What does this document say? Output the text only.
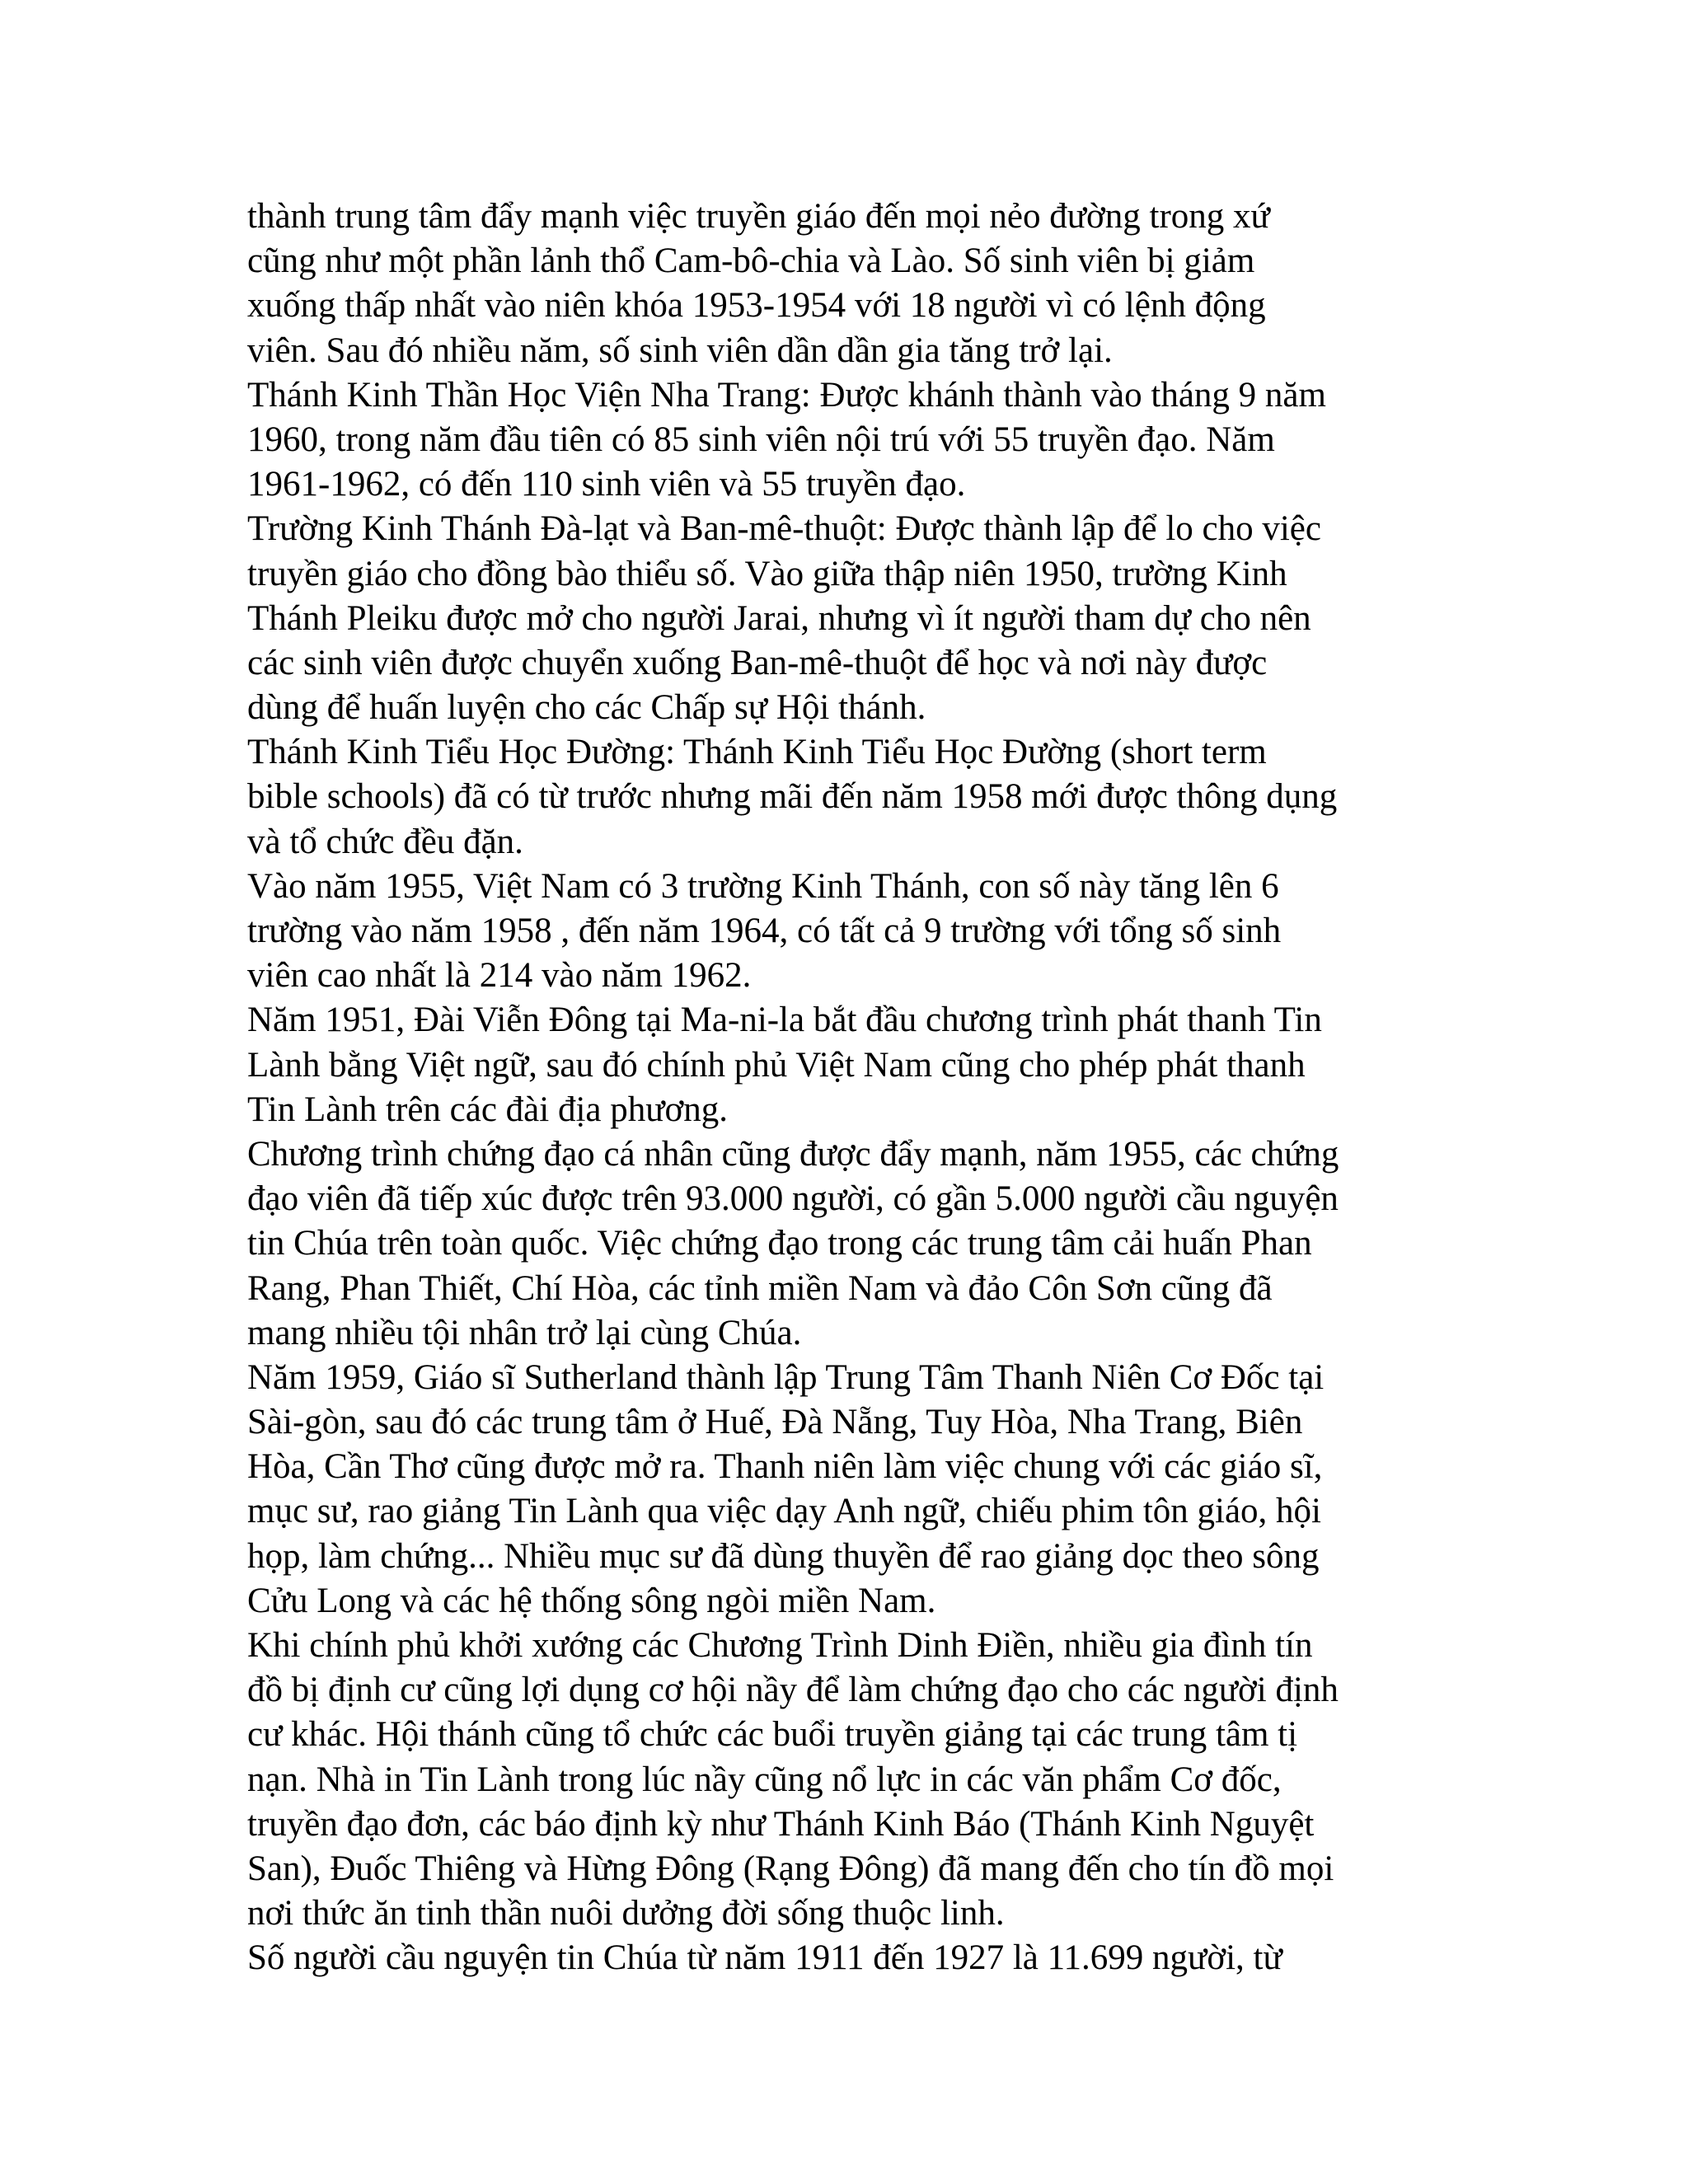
thành trung tâm đẩy mạnh việc truyền giáo đến mọi nẻo đường trong xứ
cũng như một phần lảnh thổ Cam-bô-chia và Lào. Số sinh viên bị giảm
xuống thấp nhất vào niên khóa 1953-1954 với 18 người vì có lệnh động
viên. Sau đó nhiều năm, số sinh viên dần dần gia tăng trở lại.
Thánh Kinh Thần Học Viện Nha Trang: Được khánh thành vào tháng 9 năm
1960, trong năm đầu tiên có 85 sinh viên nội trú với 55 truyền đạo. Năm
1961-1962, có đến 110 sinh viên và 55 truyền đạo.
Trường Kinh Thánh Đà-lạt và Ban-mê-thuột: Được thành lập để lo cho việc
truyền giáo cho đồng bào thiểu số. Vào giữa thập niên 1950, trường Kinh
Thánh Pleiku được mở cho người Jarai, nhưng vì ít người tham dự cho nên
các sinh viên được chuyển xuống Ban-mê-thuột để học và nơi này được
dùng để huấn luyện cho các Chấp sự Hội thánh.
Thánh Kinh Tiểu Học Đường: Thánh Kinh Tiểu Học Đường (short term
bible schools) đã có từ trước nhưng mãi đến năm 1958 mới được thông dụng
và tổ chức đều đặn.
Vào năm 1955, Việt Nam có 3 trường Kinh Thánh, con số này tăng lên 6
trường vào năm 1958 , đến năm 1964, có tất cả 9 trường với tổng số sinh
viên cao nhất là 214 vào năm 1962.
Năm 1951, Đài Viễn Đông tại Ma-ni-la bắt đầu chương trình phát thanh Tin
Lành bằng Việt ngữ, sau đó chính phủ Việt Nam cũng cho phép phát thanh
Tin Lành trên các đài địa phương.
Chương trình chứng đạo cá nhân cũng được đẩy mạnh, năm 1955, các chứng
đạo viên đã tiếp xúc được trên 93.000 người, có gần 5.000 người cầu nguyện
tin Chúa trên toàn quốc. Việc chứng đạo trong các trung tâm cải huấn Phan
Rang, Phan Thiết, Chí Hòa, các tỉnh miền Nam và đảo Côn Sơn cũng đã
mang nhiều tội nhân trở lại cùng Chúa.
Năm 1959, Giáo sĩ Sutherland thành lập Trung Tâm Thanh Niên Cơ Đốc tại
Sài-gòn, sau đó các trung tâm ở Huế, Đà Nẵng, Tuy Hòa, Nha Trang, Biên
Hòa, Cần Thơ cũng được mở ra. Thanh niên làm việc chung với các giáo sĩ,
mục sư, rao giảng Tin Lành qua việc dạy Anh ngữ, chiếu phim tôn giáo, hội
họp, làm chứng... Nhiều mục sư đã dùng thuyền để rao giảng dọc theo sông
Cửu Long và các hệ thống sông ngòi miền Nam.
Khi chính phủ khởi xướng các Chương Trình Dinh Điền, nhiều gia đình tín
đồ bị định cư cũng lợi dụng cơ hội nầy để làm chứng đạo cho các người định
cư khác. Hội thánh cũng tổ chức các buổi truyền giảng tại các trung tâm tị
nạn. Nhà in Tin Lành trong lúc nầy cũng nổ lực in các văn phẩm Cơ đốc,
truyền đạo đơn, các báo định kỳ như Thánh Kinh Báo (Thánh Kinh Nguyệt
San), Đuốc Thiêng và Hừng Đông (Rạng Đông) đã mang đến cho tín đồ mọi
nơi thức ăn tinh thần nuôi dưởng đời sống thuộc linh.
Số người cầu nguyện tin Chúa từ năm 1911 đến 1927 là 11.699 người, từ
